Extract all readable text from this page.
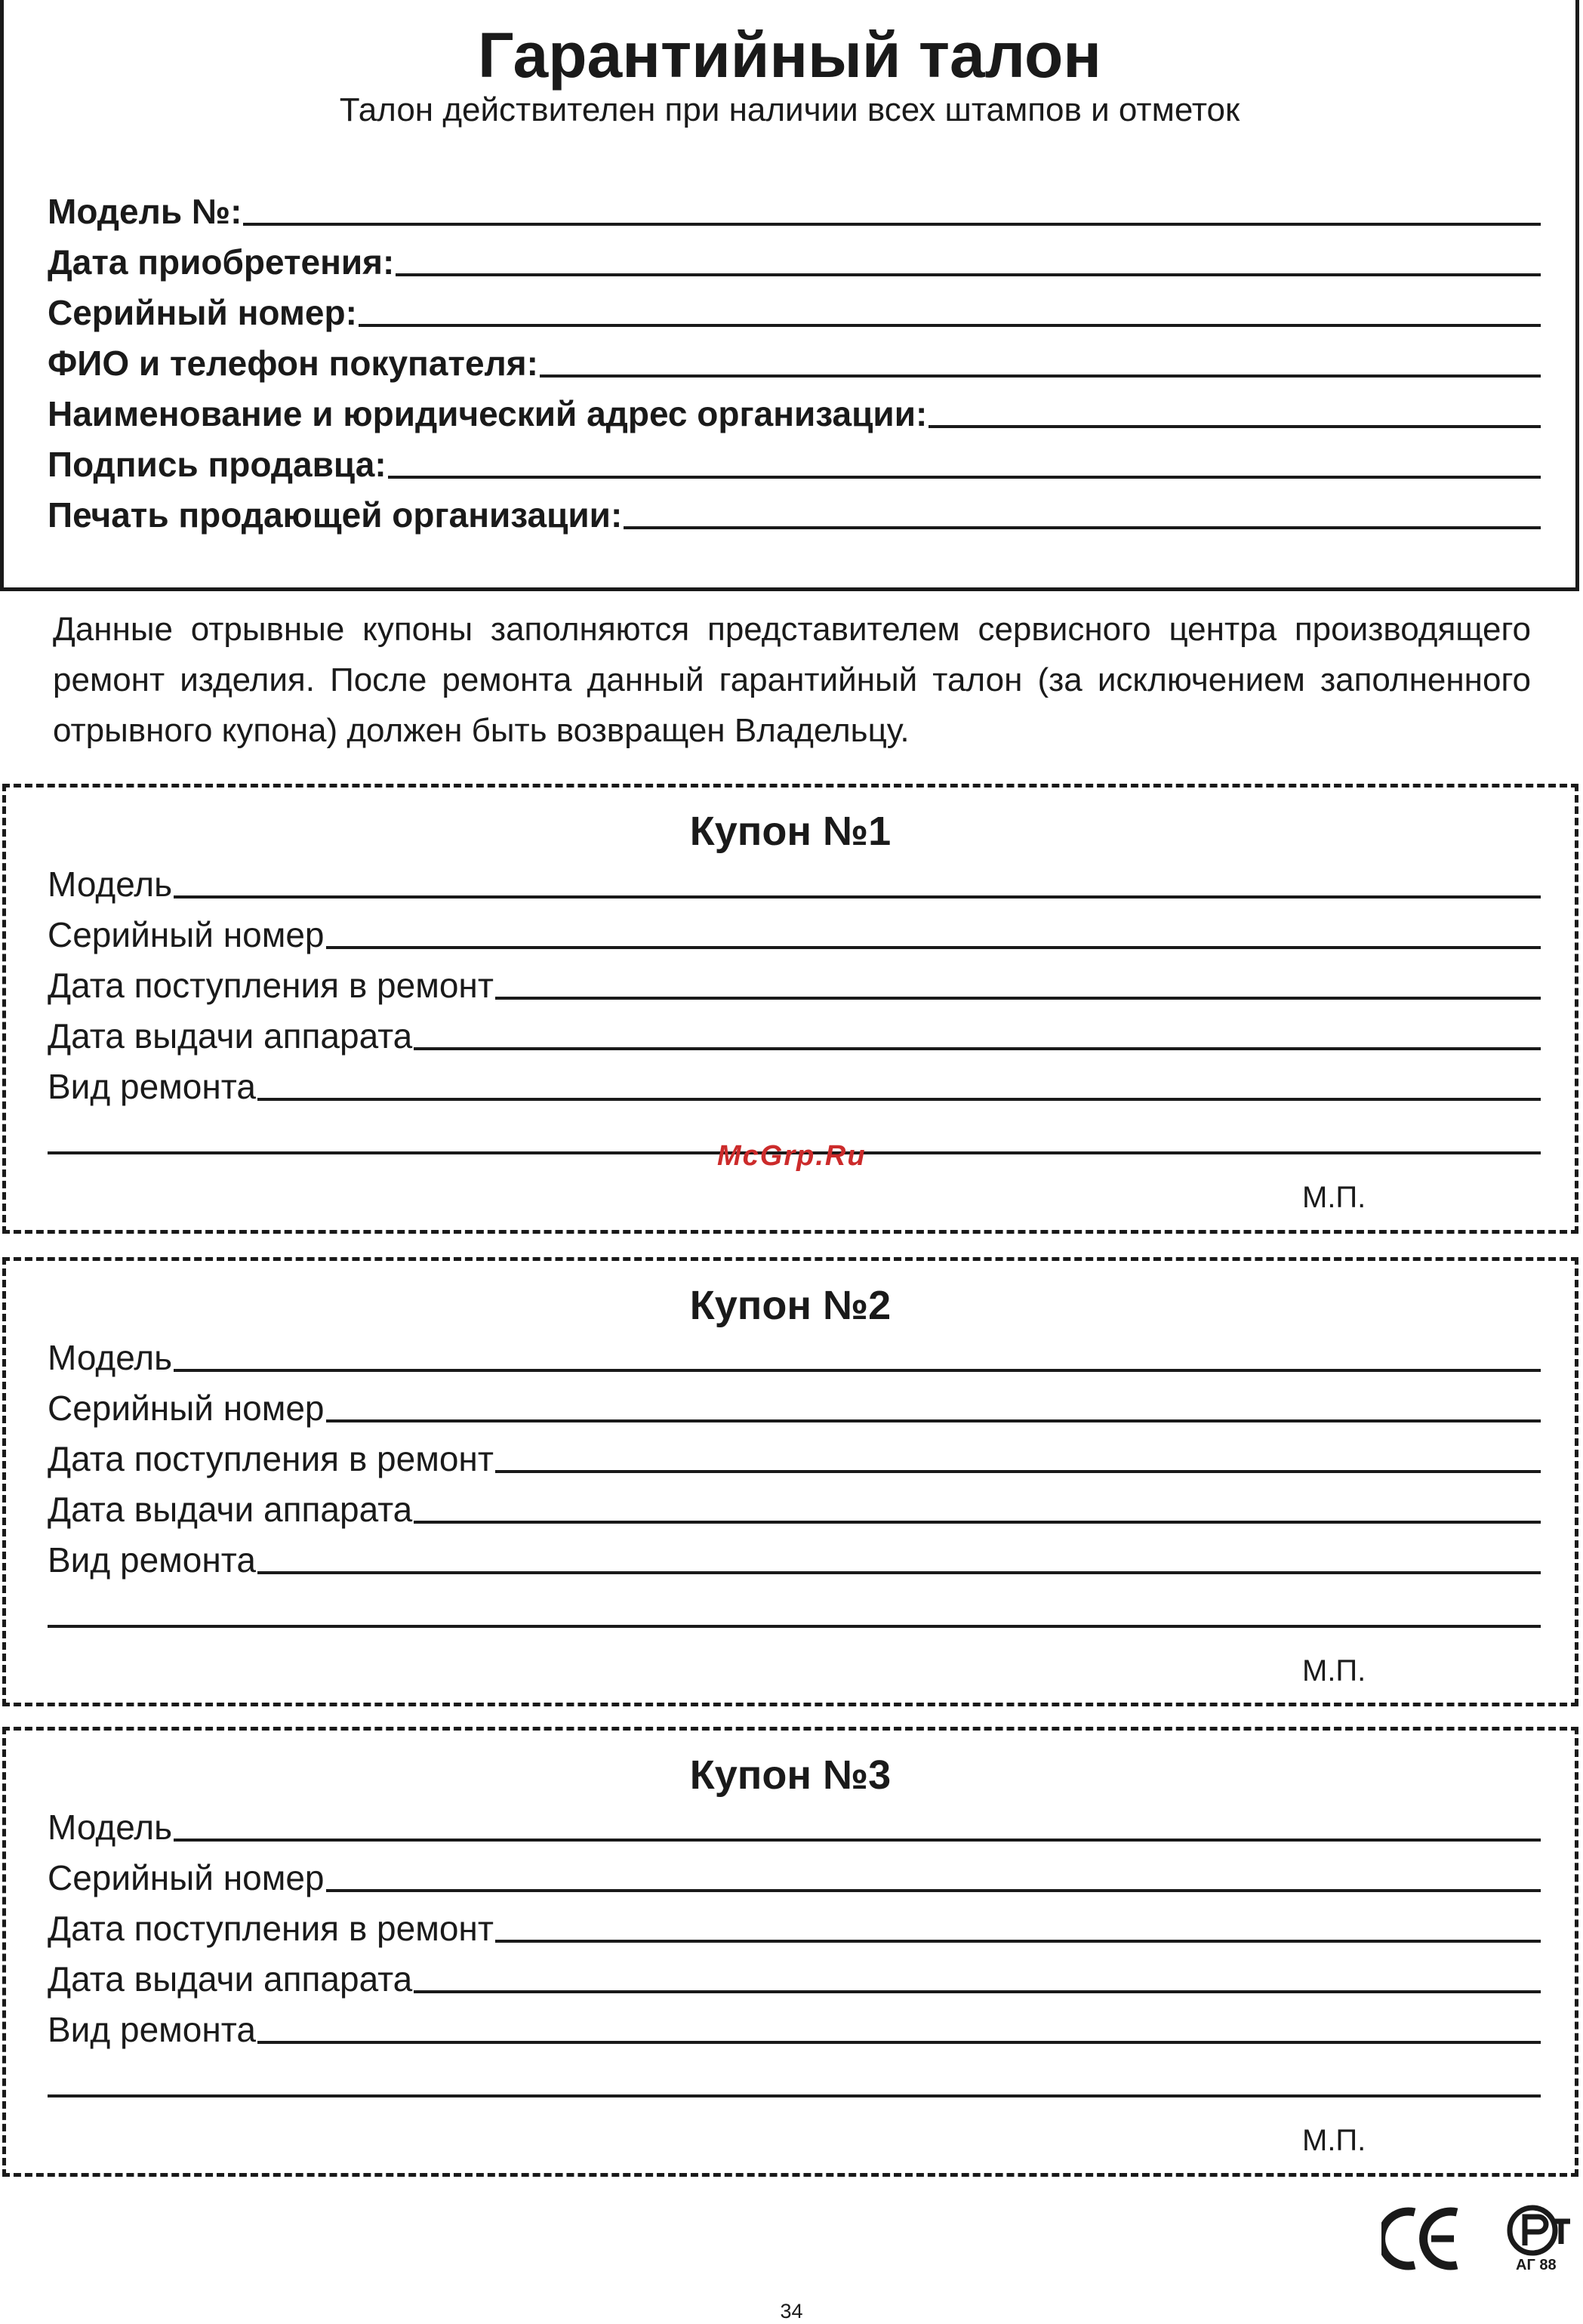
Гарантийный талон
Талон действителен при наличии всех штампов и отметок
Модель №:
Дата приобретения:
Серийный номер:
ФИО и телефон покупателя:
Наименование и юридический адрес организации:
Подпись продавца:
Печать продающей организации:
Данные отрывные купоны заполняются представителем сервисного центра производящего ремонт изделия. После ремонта данный гарантийный талон (за исключением заполненного отрывного купона) должен быть возвращен Владельцу.
Купон №1
Модель
Серийный номер
Дата поступления в ремонт
Дата выдачи аппарата
Вид ремонта
М.П.
Купон №2
Модель
Серийный номер
Дата поступления в ремонт
Дата выдачи аппарата
Вид ремонта
М.П.
Купон №3
Модель
Серийный номер
Дата поступления в ремонт
Дата выдачи аппарата
Вид ремонта
М.П.
McGrp.Ru
АГ 88
34
